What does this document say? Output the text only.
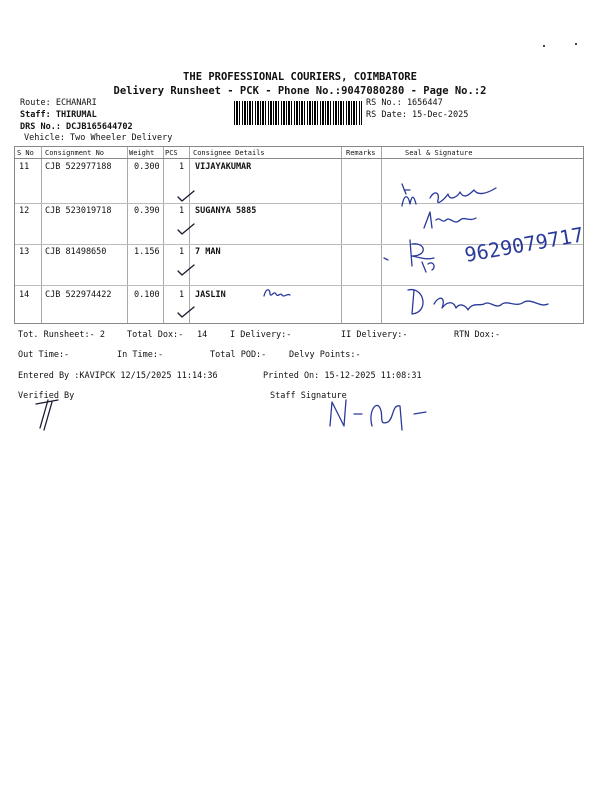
THE PROFESSIONAL COURIERS, COIMBATORE
Delivery Runsheet - PCK - Phone No.:9047080280 - Page No.:2
Route: ECHANARI
Staff: THIRUMAL
DRS No.: DCJB165644702
Vehicle: Two Wheeler Delivery
RS No.: 1656447
RS Date: 15-Dec-2025
S No Consignment No	Weight PCS Consignee Details	Remarks	Seal & Signature
11 CJB 522977188	0.300 1 VIJAYAKUMAR
12 CJB 523019718	0.390 1 SUGANYA 5885
13 CJB 81498650	1.156 1 7 MAN
14 CJB 522974422	0.100 1 JASLIN
Tot. Runsheet:- 2	Total Dox:- 14	I Delivery:-	II Delivery:-	RTN Dox:-
Out Time:-	In Time:-	Total POD:-	Delvy Points:-
Entered By :KAVIPCK 12/15/2025 11:14:36	Printed On: 15-12-2025 11:08:31
Verified By	Staff Signature
9629079717
